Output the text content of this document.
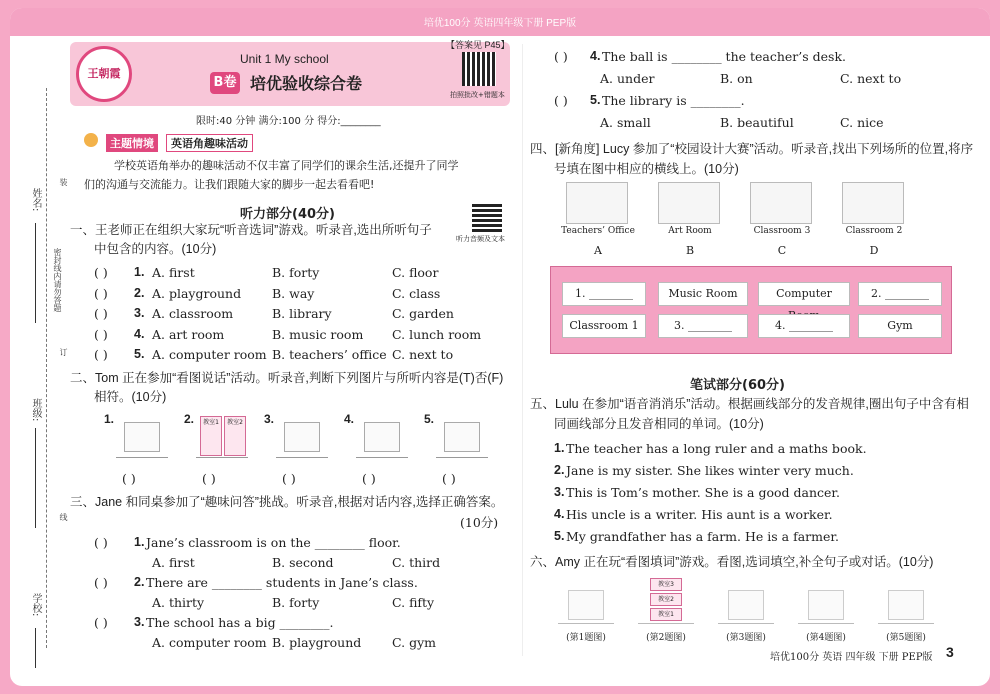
培优100分 英语四年级下册 PEP版
姓名:
班级:
学校:
密封线内请勿答题
装
订
线
王朝霞
Unit 1 My school
B卷 培优验收综合卷
【答案见 P45】
拍照批改+错题本
限时:40 分钟 满分:100 分 得分:________
主题情境	英语角趣味活动
学校英语角举办的趣味活动不仅丰富了同学们的课余生活,还提升了同学
们的沟通与交流能力。让我们跟随大家的脚步一起去看看吧!
听力音频及文本
听力部分(40分)
一、王老师正在组织大家玩“听音选词”游戏。听录音,选出所听句子
中包含的内容。(10分)
二、Tom 正在参加“看图说话”活动。听录音,判断下列图片与所听内容是(T)否(F)
相符。(10分)
三、Jane 和同桌参加了“趣味问答”挑战。听录音,根据对话内容,选择正确答案。
(10分)
四、[新角度] Lucy 参加了“校园设计大赛”活动。听录音,找出下列场所的位置,将序
号填在图中相应的横线上。(10分)
笔试部分(60分)
五、Lulu 在参加“语音消消乐”活动。根据画线部分的发音规律,圈出句子中含有相
同画线部分且发音相同的单词。(10分)
六、Amy 正在玩“看图填词”游戏。看图,选词填空,补全句子或对话。(10分)
培优100分 英语 四年级 下册 PEP版 3
( ) 1. A. first	B. forty	C. floor
( ) 2. A. playground B. way	C. class
( ) 3. A. classroom	B. library	C. garden
( ) 4. A. art room	B. music room C. lunch room
( ) 5. A. computer room B. teachers’ office C. next to
1.
( )
2.	教室1	教室2
( )
3.
( )
4.
( )
5.
( )
( ) 1. Jane’s classroom is on the ________ floor.
A. first	B. second	C. third
( ) 2. There are ________ students in Jane’s class.
A. thirty	B. forty	C. fifty
( ) 3. The school has a big ________.
A. computer room B. playground C. gym
( ) 4. The ball is ________ the teacher’s desk.
A. under	B. on	C. next to
( ) 5. The library is ________.
A. small	B. beautiful	C. nice
Teachers’ Office
A
Art Room
B
Classroom 3
C
Classroom 2
D
1. ________	Music Room	Computer	2. ________
Classroom 1	3. ________	4. ________	Gym
1. The teacher has a long ruler and a maths book.
2. Jane is my sister. She likes winter very much.
3. This is Tom’s mother. She is a good dancer.
4. His uncle is a writer. His aunt is a worker.
5. My grandfather has a farm. He is a farmer.
(第1题图)
教室3
教室2
教室1
(第2题图)	(第3题图)	(第4题图)	(第5题图)
